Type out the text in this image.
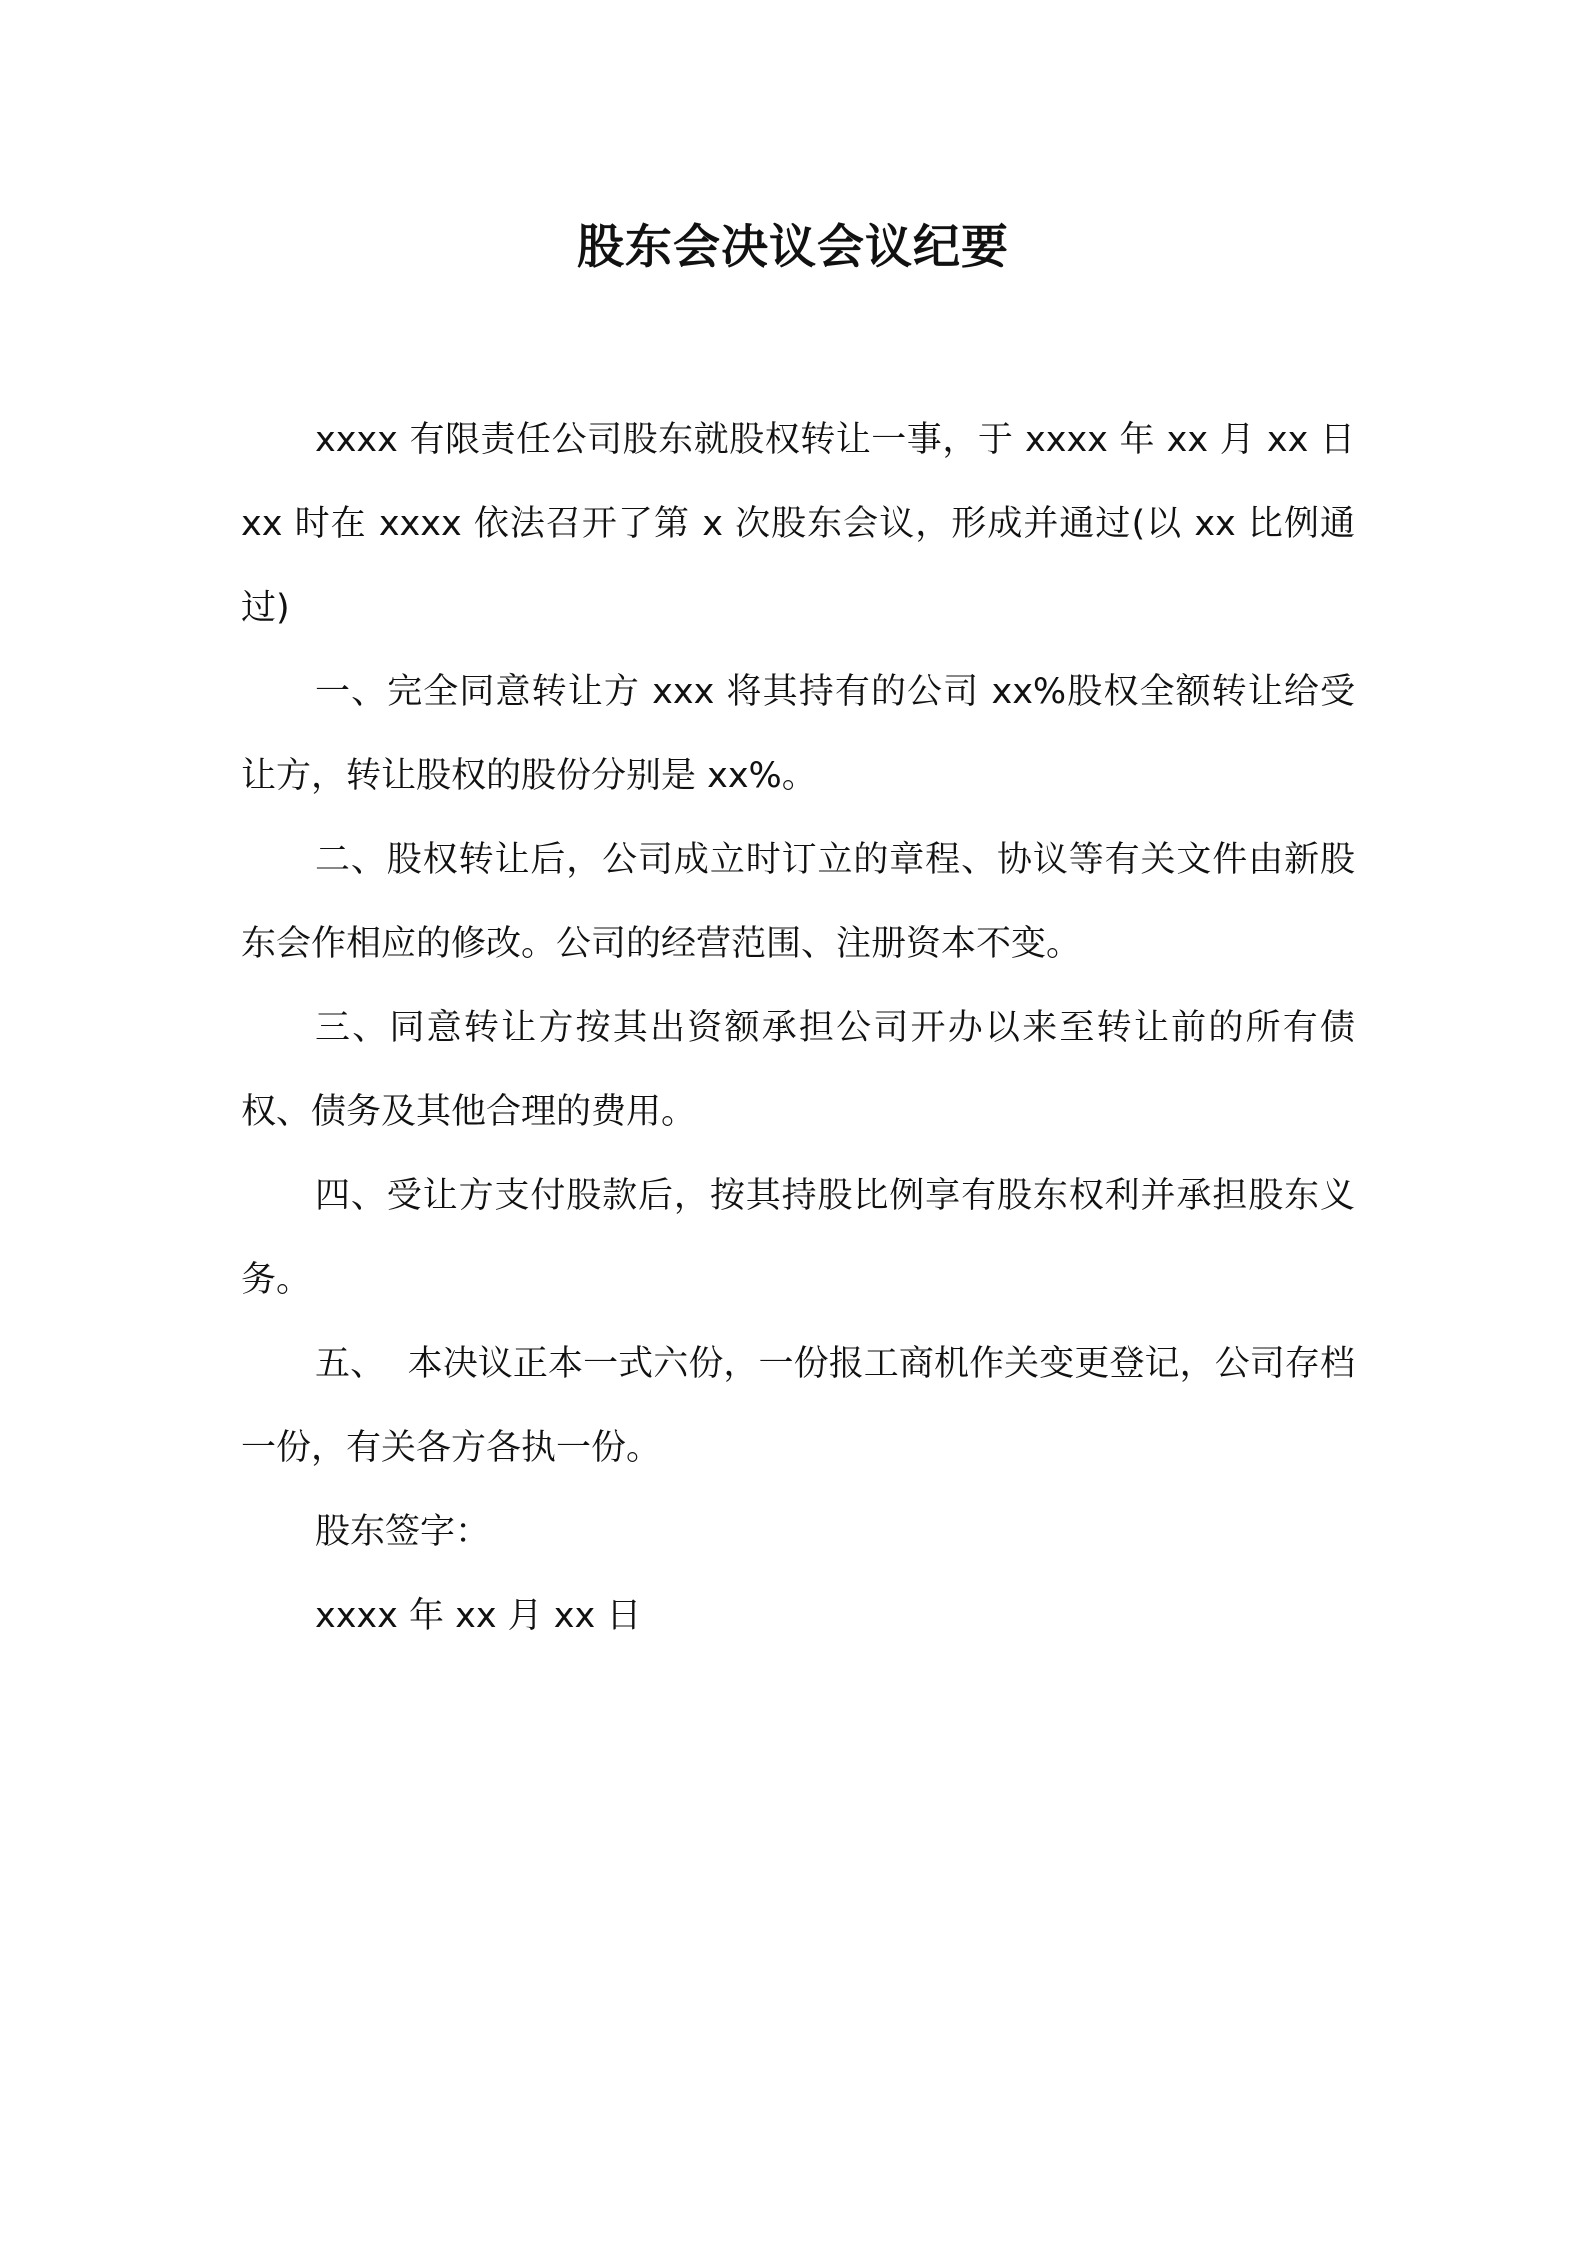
股东会决议会议纪要

xxxx 有限责任公司股东就股权转让一事，于 xxxx 年 xx 月 xx 日 xx 时在 xxxx 依法召开了第 x 次股东会议，形成并通过(以 xx 比例通过)

一、完全同意转让方 xxx 将其持有的公司 xx%股权全额转让给受让方，转让股权的股份分别是 xx%。

二、股权转让后，公司成立时订立的章程、协议等有关文件由新股东会作相应的修改。公司的经营范围、注册资本不变。

三、同意转让方按其出资额承担公司开办以来至转让前的所有债权、债务及其他合理的费用。

四、受让方支付股款后，按其持股比例享有股东权利并承担股东义务。

五、  本决议正本一式六份，一份报工商机作关变更登记，公司存档一份，有关各方各执一份。

股东签字：

xxxx 年 xx 月 xx 日
